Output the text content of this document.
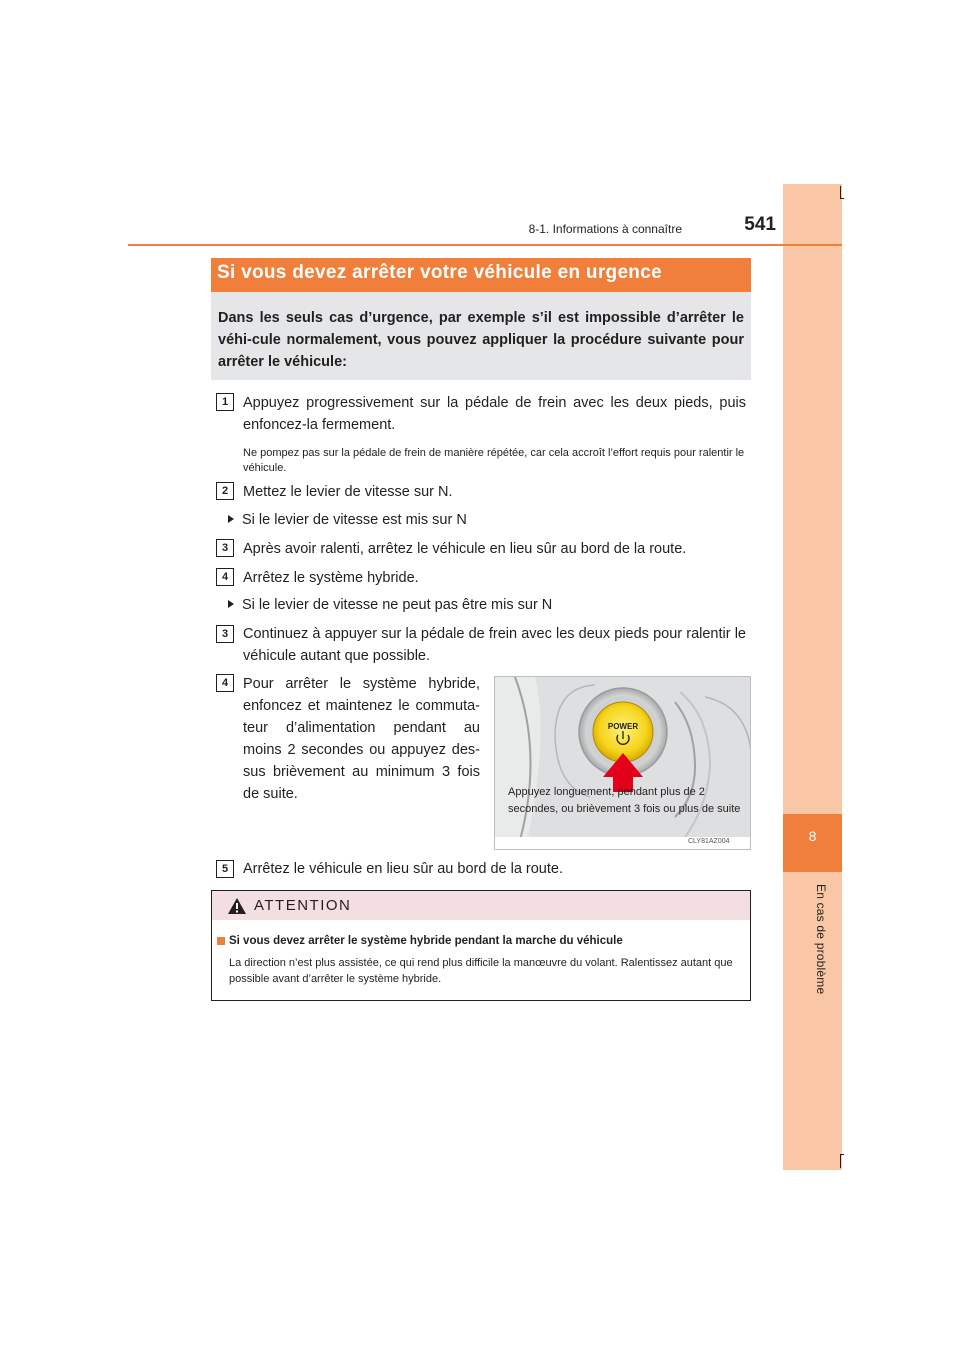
8
En cas de problème
8-1. Informations à connaître	541
Si vous devez arrêter votre véhicule en urgence
Dans les seuls cas d’urgence, par exemple s’il est impossible d’arrêter le véhi-cule normalement, vous pouvez appliquer la procédure suivante pour arrêter le véhicule:
1	Appuyez progressivement sur la pédale de frein avec les deux pieds, puis enfoncez-la fermement.
Ne pompez pas sur la pédale de frein de manière répétée, car cela accroît l’effort requis pour ralentir le véhicule.
2	Mettez le levier de vitesse sur N.
Si le levier de vitesse est mis sur N
3	Après avoir ralenti, arrêtez le véhicule en lieu sûr au bord de la route.
4	Arrêtez le système hybride.
Si le levier de vitesse ne peut pas être mis sur N
3	Continuez à appuyer sur la pédale de frein avec les deux pieds pour ralentir le véhicule autant que possible.
4	Pour arrêter le système hybride, enfoncez et maintenez le commuta-teur d’alimentation pendant au moins 2 secondes ou appuyez des-sus brièvement au minimum 3 fois de suite.
POWER
Appuyez longuement, pendant plus de 2 secondes, ou brièvement 3 fois ou plus de suite
CLY81AZ004
5	Arrêtez le véhicule en lieu sûr au bord de la route.
ATTENTION
Si vous devez arrêter le système hybride pendant la marche du véhicule
La direction n’est plus assistée, ce qui rend plus difficile la manœuvre du volant. Ralentissez autant que possible avant d’arrêter le système hybride.
